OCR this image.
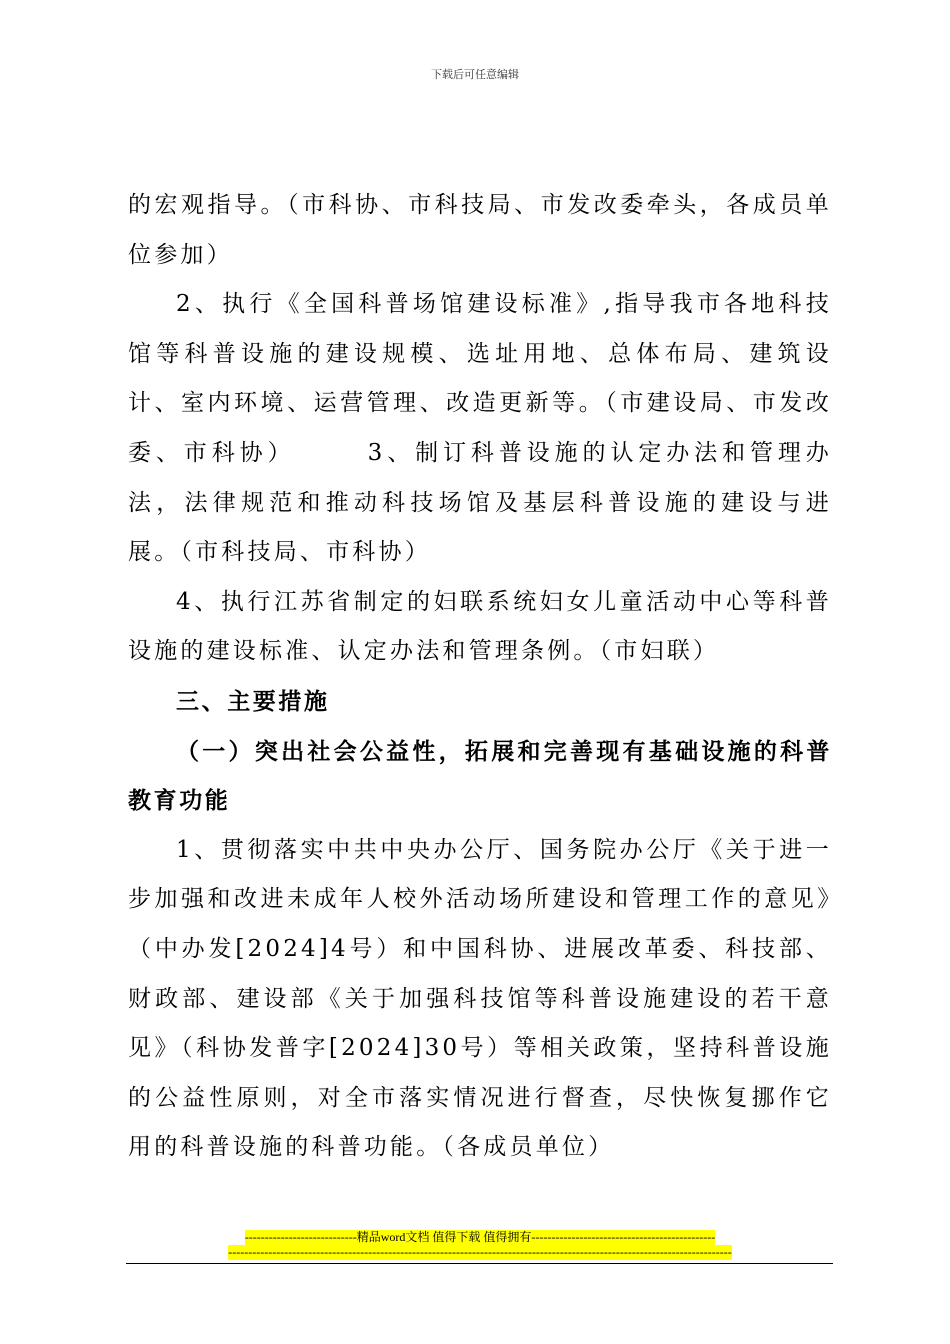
下载后可任意编辑

的宏观指导。（市科协、市科技局、市发改委牵头，各成员单位参加）

2、执行《全国科普场馆建设标准》,指导我市各地科技馆等科普设施的建设规模、选址用地、总体布局、建筑设计、室内环境、运营管理、改造更新等。（市建设局、市发改委、市科协）　　　3、制订科普设施的认定办法和管理办法，法律规范和推动科技场馆及基层科普设施的建设与进展。（市科技局、市科协）

4、执行江苏省制定的妇联系统妇女儿童活动中心等科普设施的建设标准、认定办法和管理条例。（市妇联）

三、主要措施

（一）突出社会公益性，拓展和完善现有基础设施的科普教育功能

1、贯彻落实中共中央办公厅、国务院办公厅《关于进一步加强和改进未成年人校外活动场所建设和管理工作的意见》（中办发[2024]4号）和中国科协、进展改革委、科技部、财政部、建设部《关于加强科技馆等科普设施建设的若干意见》（科协发普字[2024]30号）等相关政策，坚持科普设施的公益性原则，对全市落实情况进行督查，尽快恢复挪作它用的科普设施的科普功能。（各成员单位）

----------------------------精品word文档 值得下载 值得拥有----------------------------------------------
------------------------------------------------------------------------------------------------------------------------------
